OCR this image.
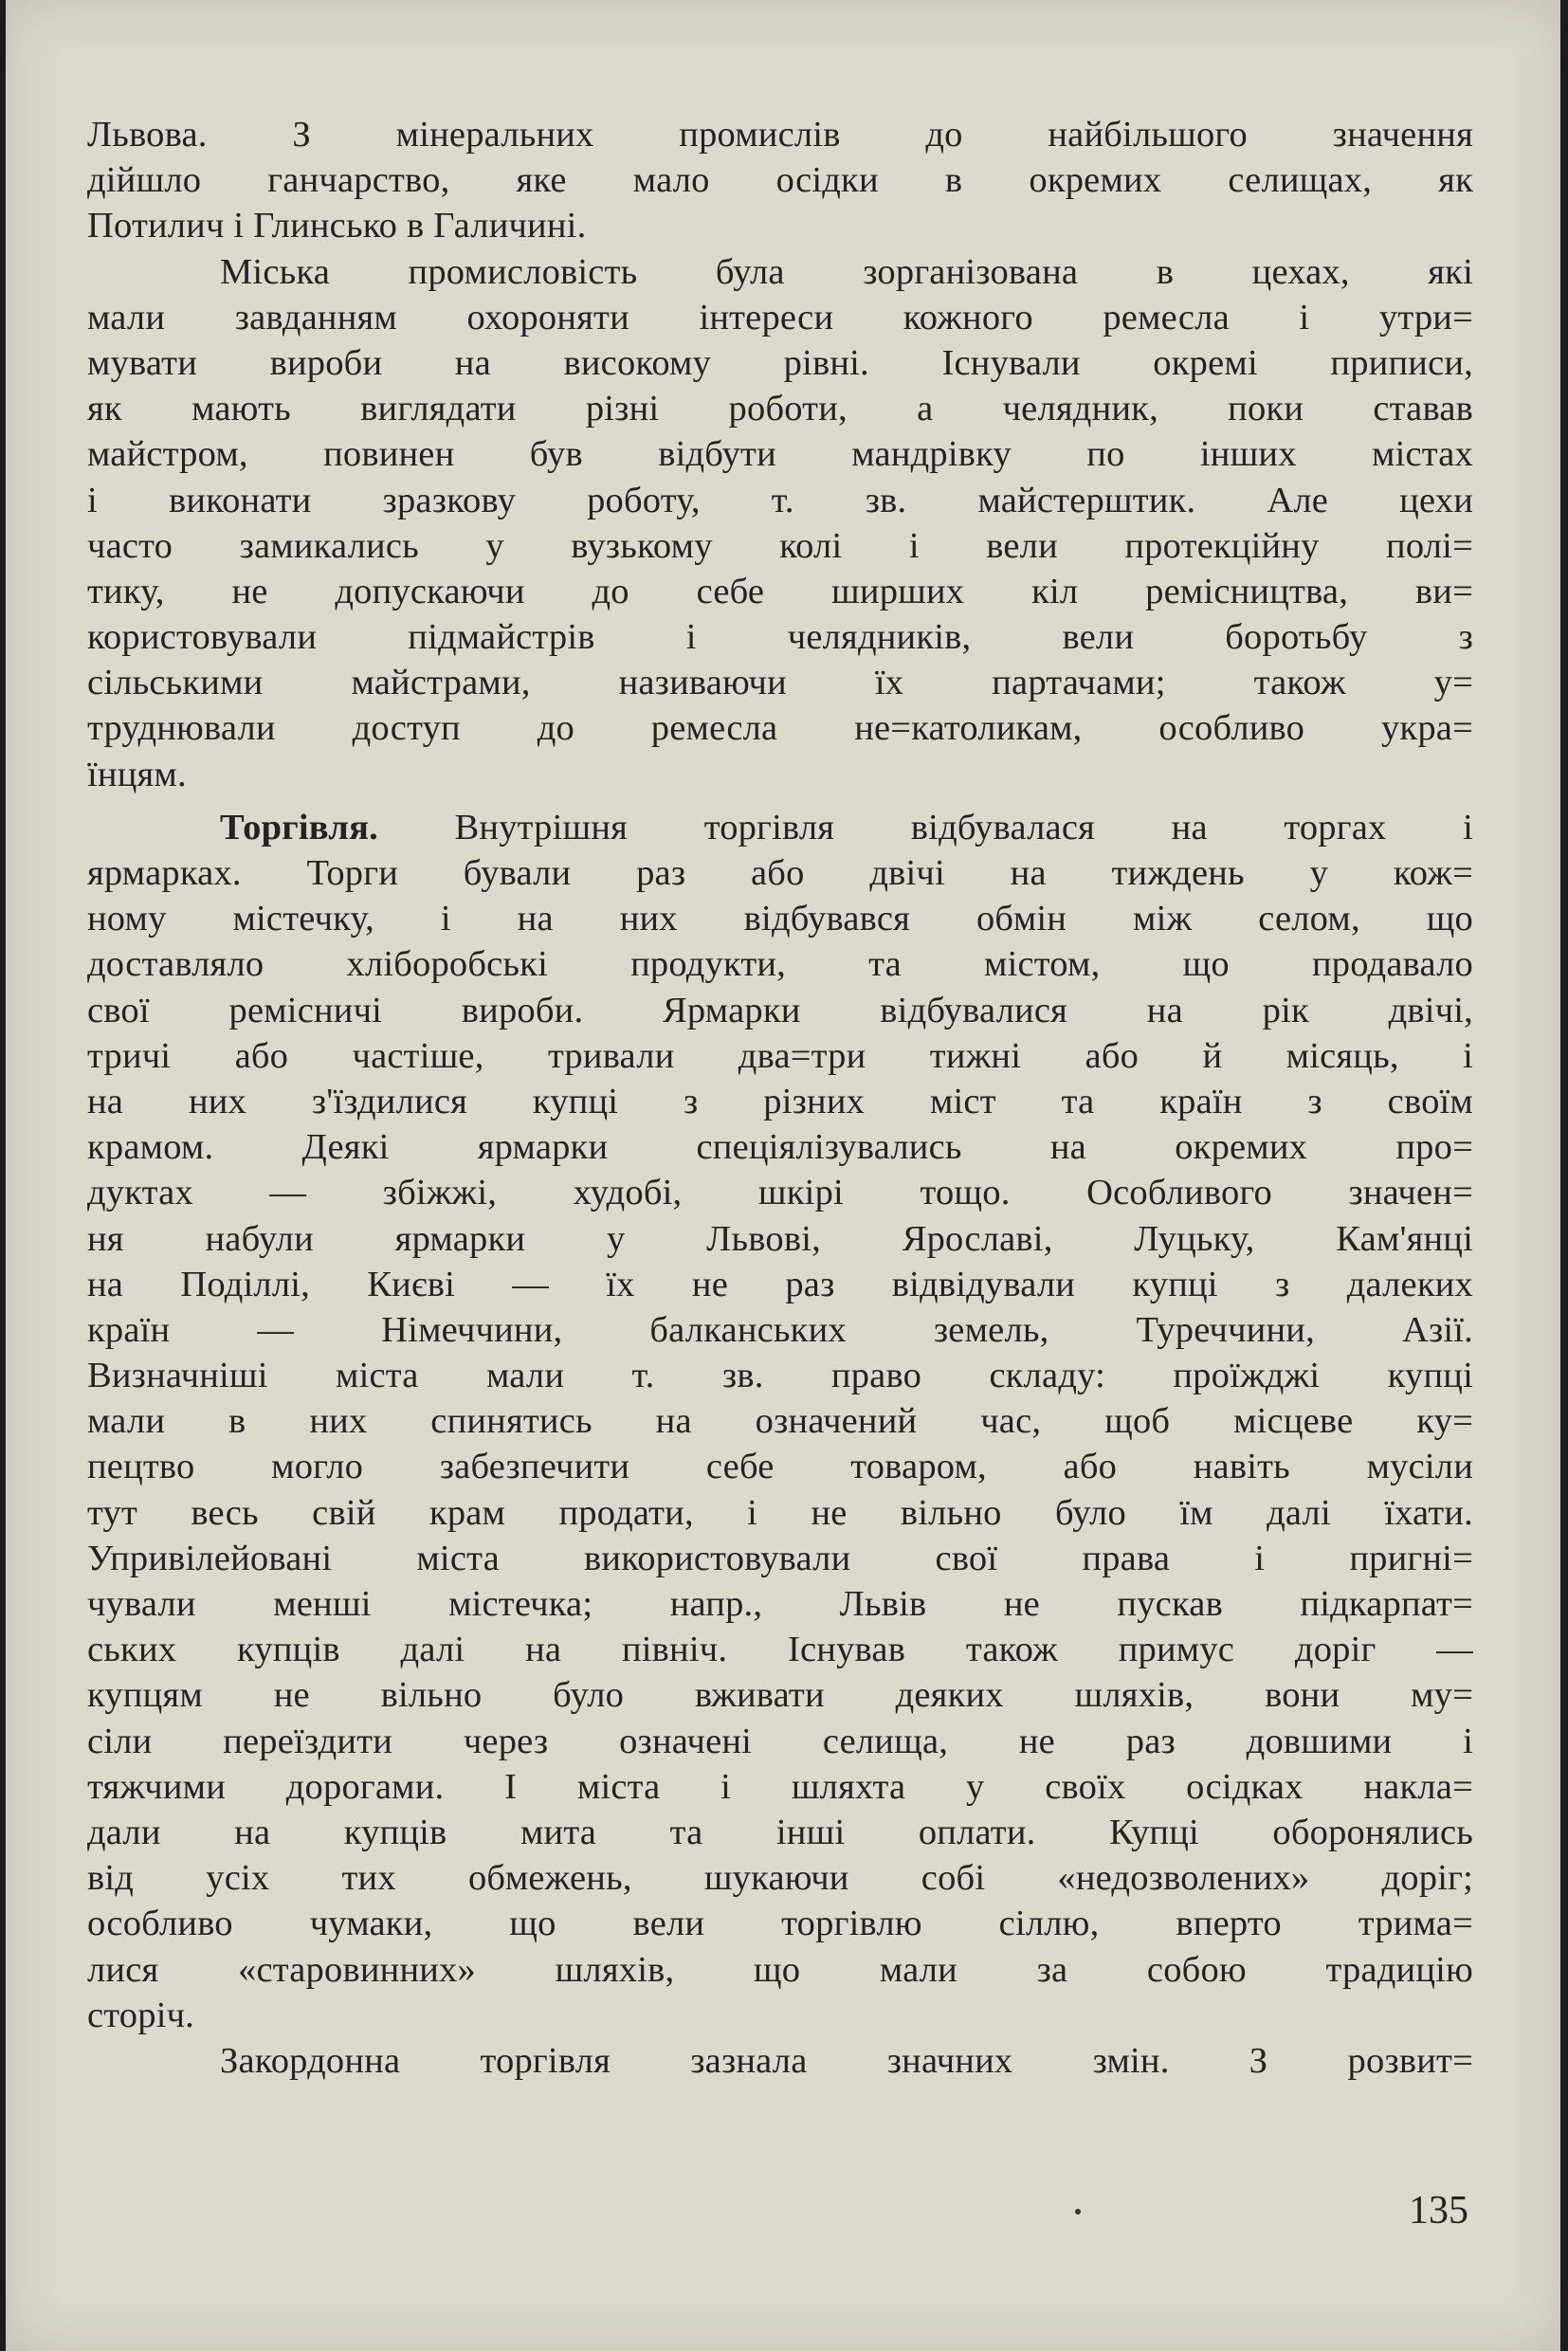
Львова. З мінеральних промислів до найбільшого значення
дійшло ганчарство, яке мало осідки в окремих селищах, як
Потилич і Глинсько в Галичині.
Міська промисловість була зорганізована в цехах, які
мали завданням охороняти інтереси кожного ремесла і утри=
мувати вироби на високому рівні. Існували окремі приписи,
як мають виглядати різні роботи, а челядник, поки ставав
майстром, повинен був відбути мандрівку по інших містах
і виконати зразкову роботу, т. зв. майстерштик. Але цехи
часто замикались у вузькому колі і вели протекційну полі=
тику, не допускаючи до себе ширших кіл ремісництва, ви=
користовували підмайстрів і челядників, вели боротьбу з
сільськими майстрами, називаючи їх партачами; також у=
труднювали доступ до ремесла не=католикам, особливо укра=
їнцям.
Торгівля. Внутрішня торгівля відбувалася на торгах і
ярмарках. Торги бували раз або двічі на тиждень у кож=
ному містечку, і на них відбувався обмін між селом, що
доставляло хліборобські продукти, та містом, що продавало
свої ремісничі вироби. Ярмарки відбувалися на рік двічі,
тричі або частіше, тривали два=три тижні або й місяць, і
на них з'їздилися купці з різних міст та країн з своїм
крамом. Деякі ярмарки спеціялізувались на окремих про=
дуктах — збіжжі, худобі, шкірі тощо. Особливого значен=
ня набули ярмарки у Львові, Ярославі, Луцьку, Кам'янці
на Поділлі, Києві — їх не раз відвідували купці з далеких
країн — Німеччини, балканських земель, Туреччини, Азії.
Визначніші міста мали т. зв. право складу: проїжджі купці
мали в них спинятись на означений час, щоб місцеве ку=
пецтво могло забезпечити себе товаром, або навіть мусіли
тут весь свій крам продати, і не вільно було їм далі їхати.
Упривілейовані міста використовували свої права і пригні=
чували менші містечка; напр., Львів не пускав підкарпат=
ських купців далі на північ. Існував також примус доріг —
купцям не вільно було вживати деяких шляхів, вони му=
сіли переїздити через означені селища, не раз довшими і
тяжчими дорогами. І міста і шляхта у своїх осідках накла=
дали на купців мита та інші оплати. Купці оборонялись
від усіх тих обмежень, шукаючи собі «недозволених» доріг;
особливо чумаки, що вели торгівлю сіллю, вперто трима=
лися «старовинних» шляхів, що мали за собою традицію
сторіч.
Закордонна торгівля зазнала значних змін. З розвит=
135
